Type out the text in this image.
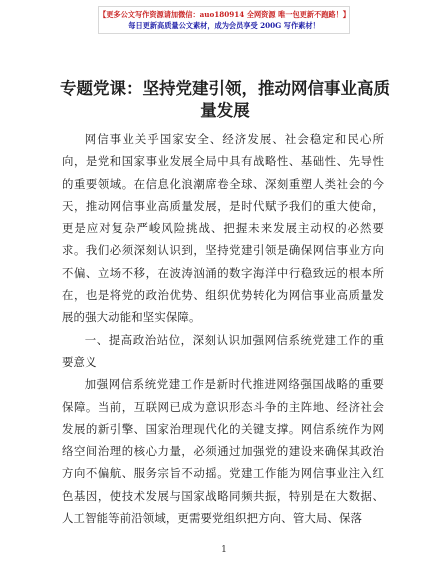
【更多公文写作资源请加微信：auo180914 全网资源 唯一包更新不跑路！】
每日更新高质量公文素材，成为会员享受 200G 写作素材！
专题党课：坚持党建引领，推动网信事业高质量发展

网信事业关乎国家安全、经济发展、社会稳定和民心所向，是党和国家事业发展全局中具有战略性、基础性、先导性的重要领域。在信息化浪潮席卷全球、深刻重塑人类社会的今天，推动网信事业高质量发展，是时代赋予我们的重大使命，更是应对复杂严峻风险挑战、把握未来发展主动权的必然要求。我们必须深刻认识到，坚持党建引领是确保网信事业方向不偏、立场不移，在波涛汹涌的数字海洋中行稳致远的根本所在，也是将党的政治优势、组织优势转化为网信事业高质量发展的强大动能和坚实保障。

一、提高政治站位，深刻认识加强网信系统党建工作的重要意义

加强网信系统党建工作是新时代推进网络强国战略的重要保障。当前，互联网已成为意识形态斗争的主阵地、经济社会发展的新引擎、国家治理现代化的关键支撑。网信系统作为网络空间治理的核心力量，必须通过加强党的建设来确保其政治方向不偏航、服务宗旨不动摇。党建工作能为网信事业注入红色基因，使技术发展与国家战略同频共振，特别是在大数据、人工智能等前沿领域，更需要党组织把方向、管大局、保落

1
